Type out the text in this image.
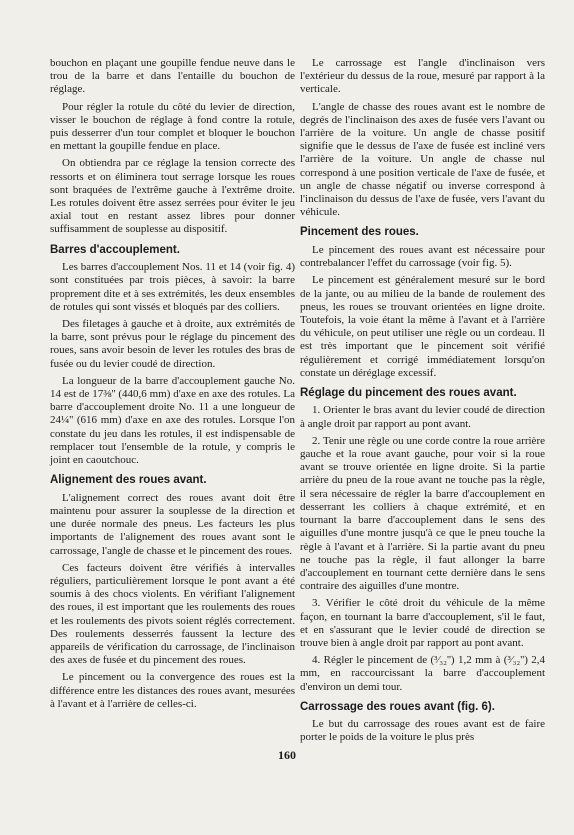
bouchon en plaçant une goupille fendue neuve dans le trou de la barre et dans l'entaille du bouchon de réglage.

Pour régler la rotule du côté du levier de direction, visser le bouchon de réglage à fond contre la rotule, puis desserrer d'un tour complet et bloquer le bouchon en mettant la goupille fendue en place.

On obtiendra par ce réglage la tension correcte des ressorts et on éliminera tout serrage lorsque les roues sont braquées de l'extrême gauche à l'extrême droite. Les rotules doivent être assez serrées pour éviter le jeu axial tout en restant assez libres pour donner suffisamment de souplesse au dispositif.

Barres d'accouplement.

Les barres d'accouplement Nos. 11 et 14 (voir fig. 4) sont constituées par trois pièces, à savoir: la barre proprement dite et à ses extrémités, les deux ensembles de rotules qui sont vissés et bloqués par des colliers.

Des filetages à gauche et à droite, aux extrémités de la barre, sont prévus pour le réglage du pincement des roues, sans avoir besoin de lever les rotules des bras de fusée ou du levier coudé de direction.

La longueur de la barre d'accouplement gauche No. 14 est de 17⅜'' (440,6 mm) d'axe en axe des rotules. La barre d'accouplement droite No. 11 a une longueur de 24¼'' (616 mm) d'axe en axe des rotules. Lorsque l'on constate du jeu dans les rotules, il est indispensable de remplacer tout l'ensemble de la rotule, y compris le joint en caoutchouc.

Alignement des roues avant.

L'alignement correct des roues avant doit être maintenu pour assurer la souplesse de la direction et une durée normale des pneus. Les facteurs les plus importants de l'alignement des roues avant sont le carrossage, l'angle de chasse et le pincement des roues.

Ces facteurs doivent être vérifiés à intervalles réguliers, particulièrement lorsque le pont avant a été soumis à des chocs violents. En vérifiant l'alignement des roues, il est important que les roulements des roues et les roulements des pivots soient réglés correctement. Des roulements desserrés faussent la lecture des appareils de vérification du carrossage, de l'inclinaison des axes de fusée et du pincement des roues.

Le pincement ou la convergence des roues est la différence entre les distances des roues avant, mesurées à l'avant et à l'arrière de celles-ci.

Le carrossage est l'angle d'inclinaison vers l'extérieur du dessus de la roue, mesuré par rapport à la verticale.

L'angle de chasse des roues avant est le nombre de degrés de l'inclinaison des axes de fusée vers l'avant ou l'arrière de la voiture. Un angle de chasse positif signifie que le dessus de l'axe de fusée est incliné vers l'arrière de la voiture. Un angle de chasse nul correspond à une position verticale de l'axe de fusée, et un angle de chasse négatif ou inverse correspond à l'inclinaison du dessus de l'axe de fusée, vers l'avant du véhicule.

Pincement des roues.

Le pincement des roues avant est nécessaire pour contrebalancer l'effet du carrossage (voir fig. 5).

Le pincement est généralement mesuré sur le bord de la jante, ou au milieu de la bande de roulement des pneus, les roues se trouvant orientées en ligne droite. Toutefois, la voie étant la même à l'avant et à l'arrière du véhicule, on peut utiliser une règle ou un cordeau. Il est très important que le pincement soit vérifié régulièrement et corrigé immédiatement lorsqu'on constate un déréglage excessif.

Réglage du pincement des roues avant.

1. Orienter le bras avant du levier coudé de direction à angle droit par rapport au pont avant.

2. Tenir une règle ou une corde contre la roue arrière gauche et la roue avant gauche, pour voir si la roue avant se trouve orientée en ligne droite. Si la partie arrière du pneu de la roue avant ne touche pas la règle, il sera nécessaire de régler la barre d'accouplement en desserrant les colliers à chaque extrémité, et en tournant la barre d'accouplement dans le sens des aiguilles d'une montre jusqu'à ce que le pneu touche la règle à l'avant et à l'arrière. Si la partie avant du pneu ne touche pas la règle, il faut allonger la barre d'accouplement en tournant cette dernière dans le sens contraire des aiguilles d'une montre.

3. Vérifier le côté droit du véhicule de la même façon, en tournant la barre d'accouplement, s'il le faut, et en s'assurant que le levier coudé de direction se trouve bien à angle droit par rapport au pont avant.

4. Régler le pincement de (³⁄₃₂'') 1,2 mm à (³⁄₃₂'') 2,4 mm, en raccourcissant la barre d'accouplement d'environ un demi tour.

Carrossage des roues avant (fig. 6).

Le but du carrossage des roues avant est de faire porter le poids de la voiture le plus près

160
